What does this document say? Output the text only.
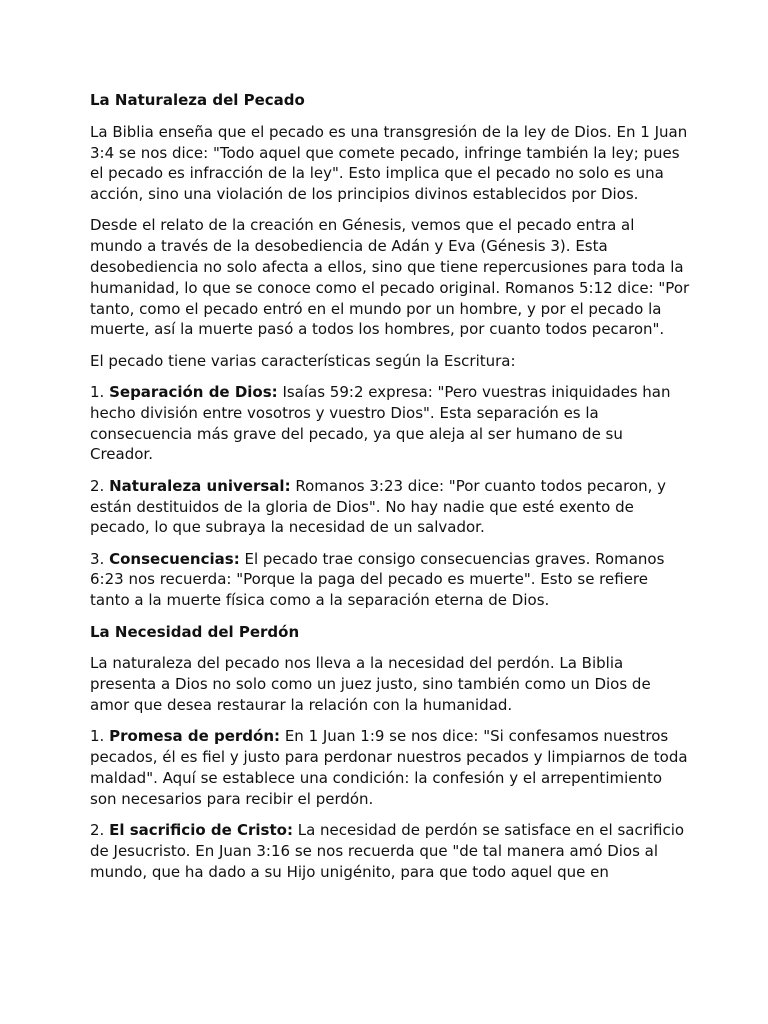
La Naturaleza del Pecado

La Biblia enseña que el pecado es una transgresión de la ley de Dios. En 1 Juan 3:4 se nos dice: "Todo aquel que comete pecado, infringe también la ley; pues el pecado es infracción de la ley". Esto implica que el pecado no solo es una acción, sino una violación de los principios divinos establecidos por Dios.

Desde el relato de la creación en Génesis, vemos que el pecado entra al mundo a través de la desobediencia de Adán y Eva (Génesis 3). Esta desobediencia no solo afecta a ellos, sino que tiene repercusiones para toda la humanidad, lo que se conoce como el pecado original. Romanos 5:12 dice: "Por tanto, como el pecado entró en el mundo por un hombre, y por el pecado la muerte, así la muerte pasó a todos los hombres, por cuanto todos pecaron".

El pecado tiene varias características según la Escritura:

1. Separación de Dios: Isaías 59:2 expresa: "Pero vuestras iniquidades han hecho división entre vosotros y vuestro Dios". Esta separación es la consecuencia más grave del pecado, ya que aleja al ser humano de su Creador.

2. Naturaleza universal: Romanos 3:23 dice: "Por cuanto todos pecaron, y están destituidos de la gloria de Dios". No hay nadie que esté exento de pecado, lo que subraya la necesidad de un salvador.

3. Consecuencias: El pecado trae consigo consecuencias graves. Romanos 6:23 nos recuerda: "Porque la paga del pecado es muerte". Esto se refiere tanto a la muerte física como a la separación eterna de Dios.

La Necesidad del Perdón

La naturaleza del pecado nos lleva a la necesidad del perdón. La Biblia presenta a Dios no solo como un juez justo, sino también como un Dios de amor que desea restaurar la relación con la humanidad.

1. Promesa de perdón: En 1 Juan 1:9 se nos dice: "Si confesamos nuestros pecados, él es fiel y justo para perdonar nuestros pecados y limpiarnos de toda maldad". Aquí se establece una condición: la confesión y el arrepentimiento son necesarios para recibir el perdón.

2. El sacrificio de Cristo: La necesidad de perdón se satisface en el sacrificio de Jesucristo. En Juan 3:16 se nos recuerda que "de tal manera amó Dios al mundo, que ha dado a su Hijo unigénito, para que todo aquel que en
